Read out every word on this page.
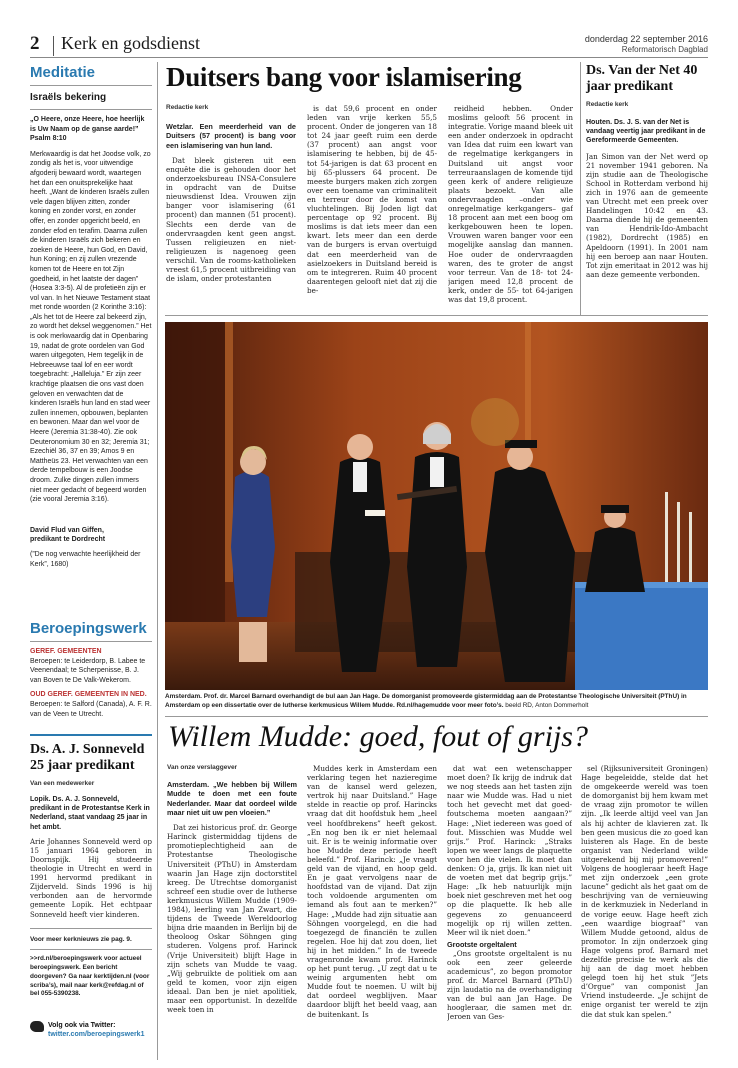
2 Kerk en godsdienst	donderdag 22 september 2016
Reformatorisch Dagblad
Meditatie
Israëls bekering
„O Heere, onze Heere, hoe heerlijk is Uw Naam op de ganse aarde!” Psalm 8:10
Merkwaardig is dat het Joodse volk, zo zondig als het is, voor uitwendige afgoderij bewaard wordt, waartegen het dan een onuitsprekelijke haat heeft. „Want de kinderen Israëls zullen vele dagen blijven zitten, zonder koning en zonder vorst, en zonder offer, en zonder opgericht beeld, en zonder efod en terafim. Daarna zullen de kinderen Israëls zich bekeren en zoeken de Heere, hun God, en David, hun Koning; en zij zullen vrezende komen tot de Heere en tot Zijn goedheid, in het laatste der dagen” (Hosea 3:3-5). Al de profetieën zijn er vol van. In het Nieuwe Testament staat met ronde woorden (2 Korinthe 3:16): „Als het tot de Heere zal bekeerd zijn, zo wordt het deksel weggenomen.” Het is ook merkwaardig dat in Openbaring 19, nadat de grote oordelen van God waren uitgegoten, Hem tegelijk in de Hebreeuwse taal lof en eer wordt toegebracht: „Halleluja.” Er zijn zeer krachtige plaatsen die ons vast doen geloven en verwachten dat de kinderen Israëls hun land en stad weer zullen innemen, opbouwen, beplanten en bewonen. Maar dan wel voor de Heere (Jeremia 31:38-40). Zie ook Deuteronomium 30 en 32; Jeremia 31; Ezechiël 36, 37 en 39; Amos 9 en Mattheüs 23. Het verwachten van een derde tempelbouw is een Joodse droom. Zulke dingen zullen immers niet meer gedacht of begeerd worden (zie vooral Jeremia 3:16).
David Flud van Giffen,
predikant te Dordrecht
(”De nog verwachte heerlijkheid der Kerk”, 1680)
Beroepingswerk
GEREF. GEMEENTEN
Beroepen: te Leiderdorp, B. Labee te Veenendaal; te Scherpenisse, B. J. van Boven te De Valk-Wekerom.
OUD GEREF. GEMEENTEN IN NED.
Beroepen: te Salford (Canada), A. F. R. van de Veen te Utrecht.
Ds. A. J. Sonneveld 25 jaar predikant
Van een medewerker
Lopik. Ds. A. J. Sonneveld, predikant in de Protestantse Kerk in Nederland, staat vandaag 25 jaar in het ambt.
Arie Johannes Sonneveld werd op 15 januari 1964 geboren in Doornspijk. Hij studeerde theologie in Utrecht en werd in 1991 hervormd predikant in Zijderveld. Sinds 1996 is hij verbonden aan de hervormde gemeente Lopik. Het echtpaar Sonneveld heeft vier kinderen.
Voor meer kerknieuws zie pag. 9.
>>rd.nl/beroepingswerk voor actueel beroepingswerk. Een bericht doorgeven? Ga naar kerktijden.nl (voor scriba’s), mail naar kerk@refdag.nl of bel 055-5390238.
Volg ook via Twitter:
twitter.com/beroepingswerk1
Duitsers bang voor islamisering
Redactie kerk
Wetzlar. Een meerderheid van de Duitsers (57 procent) is bang voor een islamisering van hun land.

Dat bleek gisteren uit een enquête die is gehouden door het onderzoeksbureau INSA-Consulere in opdracht van de Duitse nieuwsdienst Idea. Vrouwen zijn banger voor islamisering (61 procent) dan mannen (51 procent). Slechts een derde van de ondervraagden kent geen angst. Tussen religieuzen en niet-religieuzen is nagenoeg geen verschil. Van de rooms-katholieken vreest 61,5 procent uitbreiding van de islam, onder protestanten

is dat 59,6 procent en onder leden van vrije kerken 55,5 procent. Onder de jongeren van 18 tot 24 jaar geeft ruim een derde (37 procent) aan angst voor islamisering te hebben, bij de 45- tot 54-jarigen is dat 63 procent en bij 65-plussers 64 procent. De meeste burgers maken zich zorgen over een toename van criminaliteit en terreur door de komst van vluchtelingen. Bij Joden ligt dat percentage op 92 procent. Bij moslims is dat iets meer dan een kwart. Iets meer dan een derde van de burgers is ervan overtuigd dat een meerderheid van de asielzoekers in Duitsland bereid is om te integreren. Ruim 40 procent daarentegen gelooft niet dat zij die be-

reidheid hebben. Onder moslims gelooft 56 procent in integratie. Vorige maand bleek uit een ander onderzoek in opdracht van Idea dat ruim een kwart van de regelmatige kerkgangers in Duitsland uit angst voor terreuraanslagen de komende tijd geen kerk of andere religieuze plaats bezoekt. Van alle ondervraagden –onder wie onregelmatige kerkgangers– gaf 18 procent aan met een boog om kerkgebouwen heen te lopen. Vrouwen waren banger voor een mogelijke aanslag dan mannen. Hoe ouder de ondervraagden waren, des te groter de angst voor terreur. Van de 18- tot 24-jarigen meed 12,8 procent de kerk, onder de 55- tot 64-jarigen was dat 19,8 procent.

Ds. Van der Net 40 jaar predikant
Redactie kerk
Houten. Ds. J. S. van der Net is vandaag veertig jaar predikant in de Gereformeerde Gemeenten.
Jan Simon van der Net werd op 21 november 1941 geboren. Na zijn studie aan de Theologische School in Rotterdam verbond hij zich in 1976 aan de gemeente van Utrecht met een preek over Handelingen 10:42 en 43. Daarna diende hij de gemeenten van Hendrik-Ido-Ambacht (1982), Dordrecht (1985) en Apeldoorn (1991). In 2001 nam hij een beroep aan naar Houten. Tot zijn emeritaat in 2012 was hij aan deze gemeente verbonden.
Amsterdam. Prof. dr. Marcel Barnard overhandigt de bul aan Jan Hage. De domorganist promoveerde gistermiddag aan de Protestantse Theologische Universiteit (PThU) in Amsterdam op een dissertatie over de lutherse kerkmusicus Willem Mudde. Rd.nl/hagemudde voor meer foto’s. beeld RD, Anton Dommerholt
Willem Mudde: goed, fout of grijs?
Van onze verslaggever
Amsterdam. „We hebben bij Willem Mudde te doen met een foute Nederlander. Maar dat oordeel wilde maar niet uit uw pen vloeien.”

Dat zei historicus prof. dr. George Harinck gistermiddag tijdens de promotieplechtigheid aan de Protestantse Theologische Universiteit (PThU) in Amsterdam waarin Jan Hage zijn doctorstitel kreeg. De Utrechtse domorganist schreef een studie over de lutherse kerkmusicus Willem Mudde (1909-1984), leerling van Jan Zwart, die tijdens de Tweede Wereldoorlog bijna drie maanden in Berlijn bij de theoloog Oskar Söhngen ging studeren. Volgens prof. Harinck (Vrije Universiteit) blijft Hage in zijn schets van Mudde te vaag. „Wij gebruikte de politiek om aan geld te komen, voor zijn eigen ideaal. Dan ben je niet apolitiek, maar een opportunist. In dezelfde week toen in

Muddes kerk in Amsterdam een verklaring tegen het nazieregime van de kansel werd gelezen, vertrok hij naar Duitsland.” Hage stelde in reactie op prof. Harincks vraag dat dit hoofdstuk hem „heel veel hoofdbrekens” heeft gekost. „En nog ben ik er niet helemaal uit. Er is te weinig informatie over hoe Mudde deze periode heeft beleefd.” Prof. Harinck: „Je vraagt geld van de vijand, en hoop geld. En je gaat vervolgens naar de hoofdstad van de vijand. Dat zijn toch voldoende argumenten om iemand als fout aan te merken?” Hage: „Mudde had zijn situatie aan Söhngen voorgelegd, en die had toegezegd de financiën te zullen regelen. Hoe hij dat zou doen, liet hij in het midden.” In de tweede vragenronde kwam prof. Harinck op het punt terug. „U zegt dat u te weinig argumenten hebt om Mudde fout te noemen. U wilt bij dat oordeel wegblijven. Maar daardoor blijft het beeld vaag, aan de buitenkant. Is

dat wat een wetenschapper moet doen? Ik krijg de indruk dat we nog steeds aan het tasten zijn naar wie Mudde was. Had u niet toch het gevecht met dat goed-foutschema moeten aangaan?” Hage: „Niet iedereen was goed of fout. Misschien was Mudde wel grijs.” Prof. Harinck: „Straks lopen we weer langs de plaquette voor hen die vielen. Ik moet dan denken: O ja, grijs. Ik kan niet uit de voeten met dat begrip grijs.” Hage: „Ik heb natuurlijk mijn boek niet geschreven met het oog op die plaquette. Ik heb alle gegevens zo genuanceerd mogelijk op rij willen zetten. Meer wil ik niet doen.”

Grootste orgeltalent

„Ons grootste orgeltalent is nu ook een zeer geleerde academicus”, zo begon promotor prof. dr. Marcel Barnard (PThU) zijn laudatio na de overhandiging van de bul aan Jan Hage. De hoogleraar, die samen met dr. Jeroen van Ges-

sel (Rijksuniversiteit Groningen) Hage begeleidde, stelde dat het de omgekeerde wereld was toen de domorganist bij hem kwam met de vraag zijn promotor te willen zijn. „Ik leerde altijd veel van Jan als hij achter de klavieren zat. Ik ben geen musicus die zo goed kan luisteren als Hage. En de beste organist van Nederland wilde uitgerekend bij mij promoveren!” Volgens de hoogleraar heeft Hage met zijn onderzoek „een grote lacune” gedicht als het gaat om de beschrijving van de vernieuwing in de kerkmuziek in Nederland in de vorige eeuw. Hage heeft zich „een waardige biograaf” van Willem Mudde getoond, aldus de promotor. In zijn onderzoek ging Hage volgens prof. Barnard met dezelfde precisie te werk als die hij aan de dag moet hebben gelegd toen hij het stuk ”Jets d’Orgue” van componist Jan Vriend instudeerde. „Je schijnt de enige organist ter wereld te zijn die dat stuk kan spelen.”
